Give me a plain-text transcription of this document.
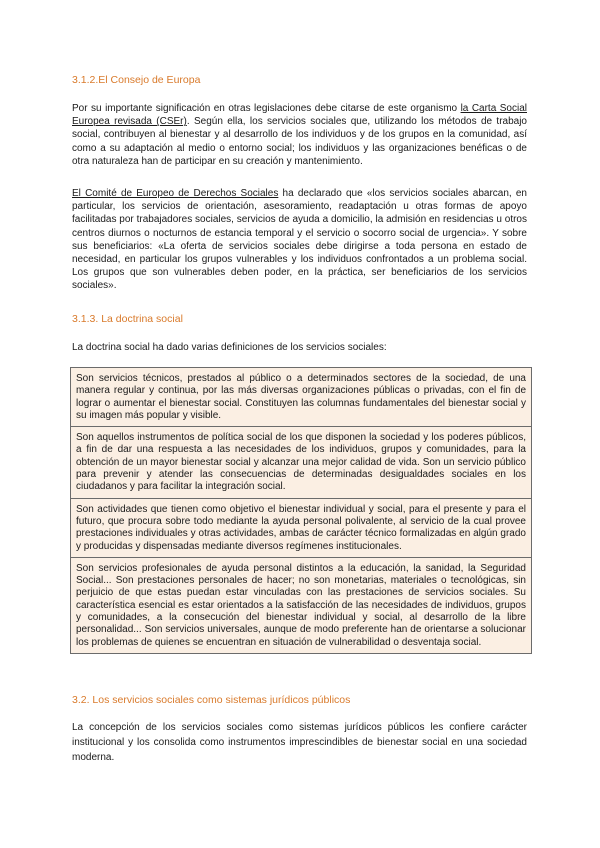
3.1.2.El Consejo de Europa

Por su importante significación en otras legislaciones debe citarse de este organismo la Carta Social Europea revisada (CSEr). Según ella, los servicios sociales que, utilizando los métodos de trabajo social, contribuyen al bienestar y al desarrollo de los individuos y de los grupos en la comunidad, así como a su adaptación al medio o entorno social; los individuos y las organizaciones benéficas o de otra naturaleza han de participar en su creación y mantenimiento.

El Comité de Europeo de Derechos Sociales ha declarado que «los servicios sociales abarcan, en particular, los servicios de orientación, asesoramiento, readaptación u otras formas de apoyo facilitadas por trabajadores sociales, servicios de ayuda a domicilio, la admisión en residencias u otros centros diurnos o nocturnos de estancia temporal y el servicio o socorro social de urgencia». Y sobre sus beneficiarios: «La oferta de servicios sociales debe dirigirse a toda persona en estado de necesidad, en particular los grupos vulnerables y los individuos confrontados a un problema social. Los grupos que son vulnerables deben poder, en la práctica, ser beneficiarios de los servicios sociales».

3.1.3. La doctrina social

La doctrina social ha dado varias definiciones de los servicios sociales:

Son servicios técnicos, prestados al público o a determinados sectores de la sociedad, de una manera regular y continua, por las más diversas organizaciones públicas o privadas, con el fin de lograr o aumentar el bienestar social. Constituyen las columnas fundamentales del bienestar social y su imagen más popular y visible.

Son aquellos instrumentos de política social de los que disponen la sociedad y los poderes públicos, a fin de dar una respuesta a las necesidades de los individuos, grupos y comunidades, para la obtención de un mayor bienestar social y alcanzar una mejor calidad de vida. Son un servicio público para prevenir y atender las consecuencias de determinadas desigualdades sociales en los ciudadanos y para facilitar la integración social.

Son actividades que tienen como objetivo el bienestar individual y social, para el presente y para el futuro, que procura sobre todo mediante la ayuda personal polivalente, al servicio de la cual provee prestaciones individuales y otras actividades, ambas de carácter técnico formalizadas en algún grado y producidas y dispensadas mediante diversos regímenes institucionales.

Son servicios profesionales de ayuda personal distintos a la educación, la sanidad, la Seguridad Social... Son prestaciones personales de hacer; no son monetarias, materiales o tecnológicas, sin perjuicio de que estas puedan estar vinculadas con las prestaciones de servicios sociales. Su característica esencial es estar orientados a la satisfacción de las necesidades de individuos, grupos y comunidades, a la consecución del bienestar individual y social, al desarrollo de la libre personalidad... Son servicios universales, aunque de modo preferente han de orientarse a solucionar los problemas de quienes se encuentran en situación de vulnerabilidad o desventaja social.

3.2. Los servicios sociales como sistemas jurídicos públicos

La concepción de los servicios sociales como sistemas jurídicos públicos les confiere carácter institucional y los consolida como instrumentos imprescindibles de bienestar social en una sociedad moderna.
